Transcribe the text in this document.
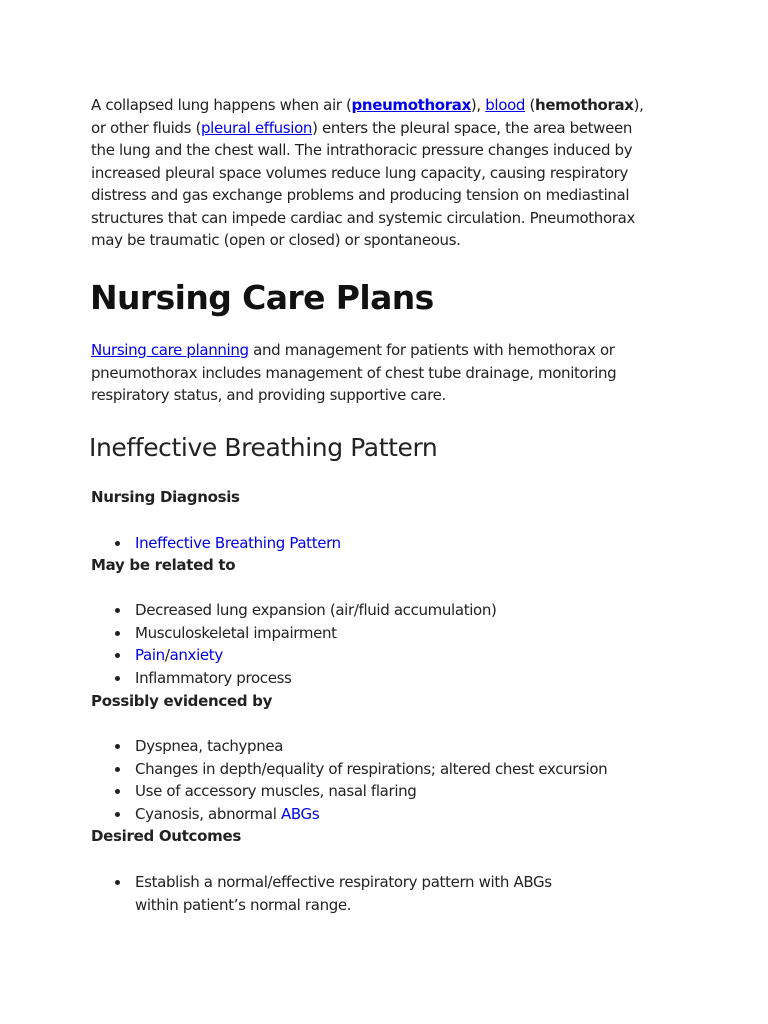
A collapsed lung happens when air (pneumothorax), blood (hemothorax), or other fluids (pleural effusion) enters the pleural space, the area between the lung and the chest wall. The intrathoracic pressure changes induced by increased pleural space volumes reduce lung capacity, causing respiratory distress and gas exchange problems and producing tension on mediastinal structures that can impede cardiac and systemic circulation. Pneumothorax may be traumatic (open or closed) or spontaneous.

Nursing Care Plans

Nursing care planning and management for patients with hemothorax or pneumothorax includes management of chest tube drainage, monitoring respiratory status, and providing supportive care.

Ineffective Breathing Pattern

Nursing Diagnosis

Ineffective Breathing Pattern

May be related to

Decreased lung expansion (air/fluid accumulation)
Musculoskeletal impairment
Pain/anxiety
Inflammatory process

Possibly evidenced by

Dyspnea, tachypnea
Changes in depth/equality of respirations; altered chest excursion
Use of accessory muscles, nasal flaring
Cyanosis, abnormal ABGs

Desired Outcomes

Establish a normal/effective respiratory pattern with ABGs within patient’s normal range.
